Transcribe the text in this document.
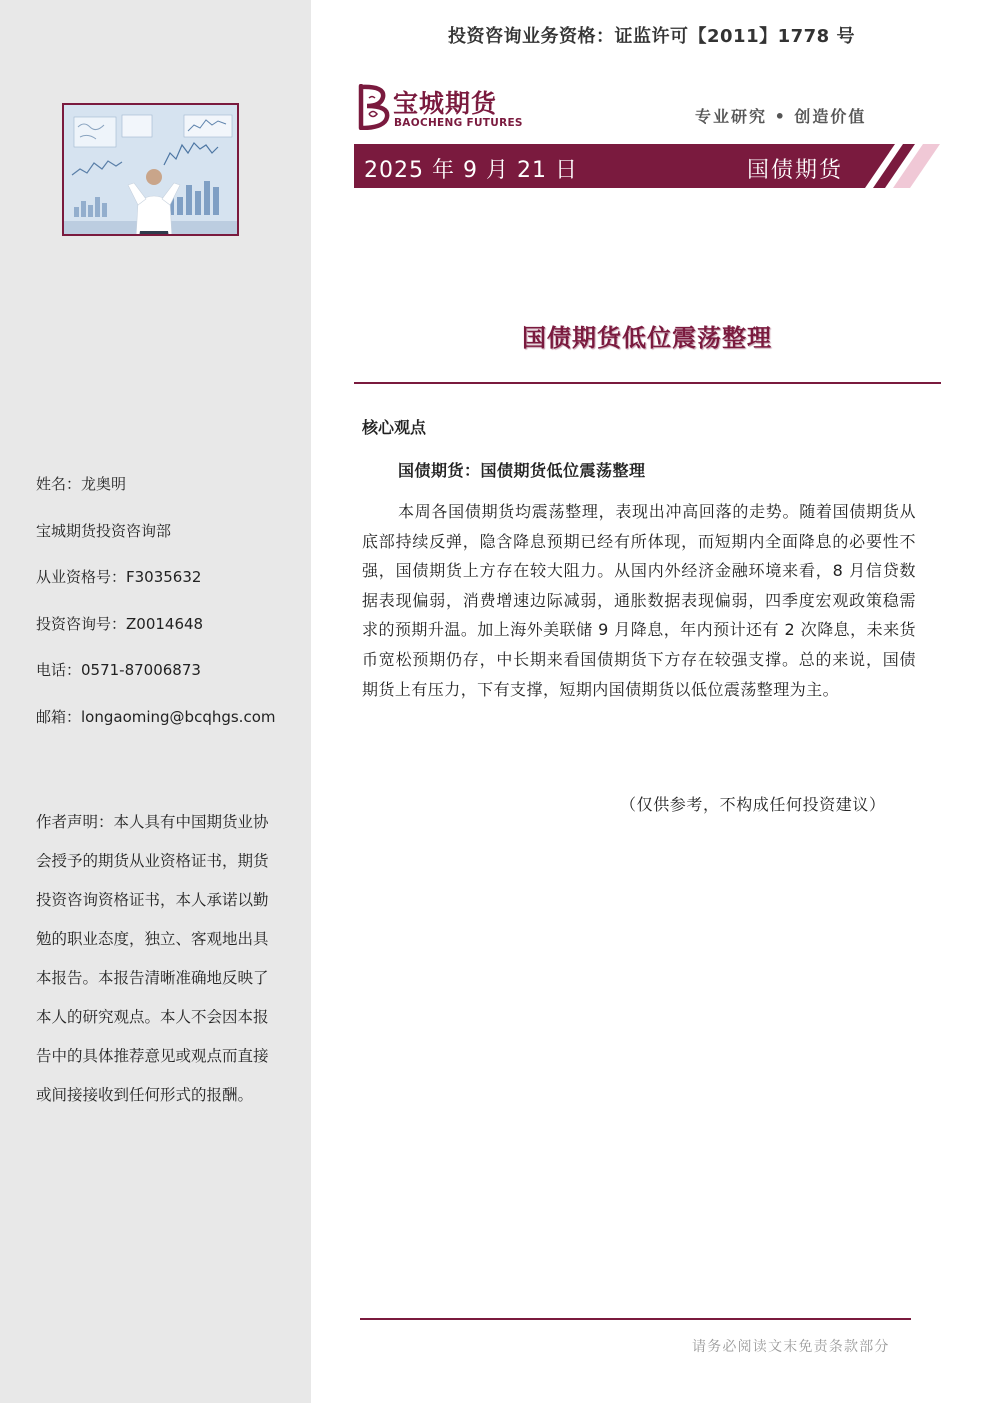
姓名：龙奥明
宝城期货投资咨询部
从业资格号：F3035632
投资咨询号：Z0014648
电话：0571-87006873
邮箱：longaoming@bcqhgs.com
作者声明：本人具有中国期货业协会授予的期货从业资格证书，期货投资咨询资格证书，本人承诺以勤勉的职业态度，独立、客观地出具本报告。本报告清晰准确地反映了本人的研究观点。本人不会因本报告中的具体推荐意见或观点而直接或间接接收到任何形式的报酬。
投资咨询业务资格：证监许可【2011】1778 号
宝城期货
BAOCHENG FUTURES	专业研究 • 创造价值
2025 年 9 月 21 日	国债期货
国债期货低位震荡整理
核心观点
国债期货：国债期货低位震荡整理
本周各国债期货均震荡整理，表现出冲高回落的走势。随着国债期货从底部持续反弹，隐含降息预期已经有所体现，而短期内全面降息的必要性不强，国债期货上方存在较大阻力。从国内外经济金融环境来看，8 月信贷数据表现偏弱，消费增速边际减弱，通胀数据表现偏弱，四季度宏观政策稳需求的预期升温。加上海外美联储 9 月降息，年内预计还有 2 次降息，未来货币宽松预期仍存，中长期来看国债期货下方存在较强支撑。总的来说，国债期货上有压力，下有支撑，短期内国债期货以低位震荡整理为主。
（仅供参考，不构成任何投资建议）
请务必阅读文末免责条款部分
